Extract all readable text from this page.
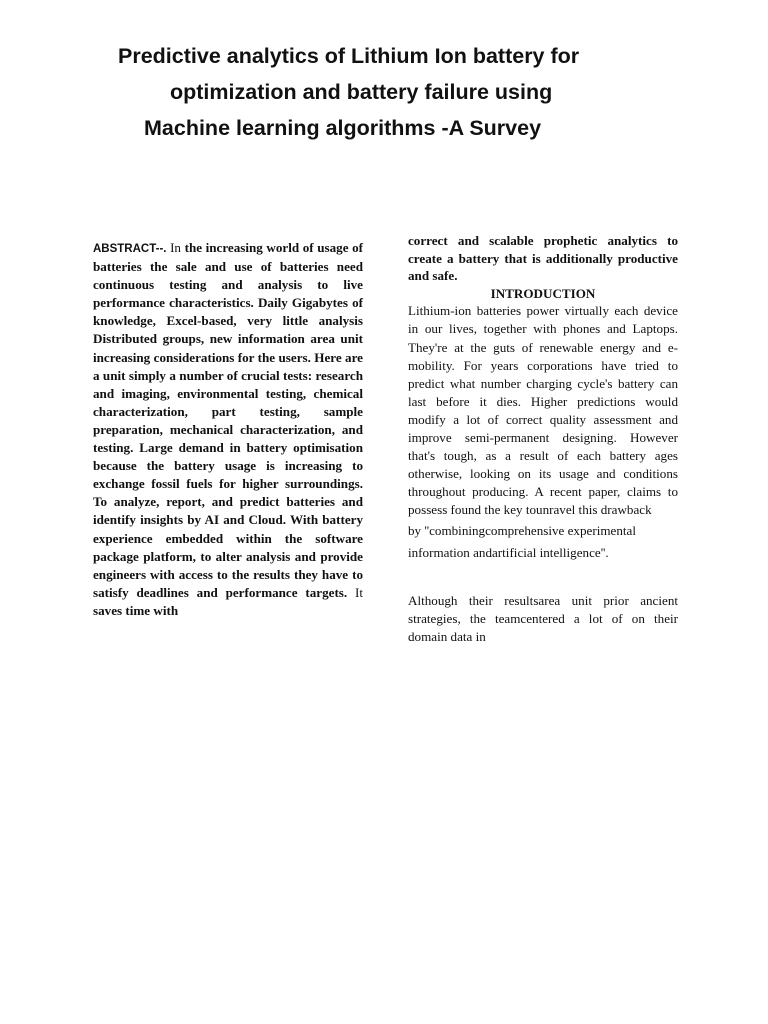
Predictive analytics of Lithium Ion battery for
optimization and battery failure using
Machine learning algorithms -A Survey
ABSTRACT--. In the increasing world of usage of batteries the sale and use of batteries need continuous testing and analysis to live performance characteristics. Daily Gigabytes of knowledge, Excel-based, very little analysis Distributed groups, new information area unit increasing considerations for the users. Here are a unit simply a number of crucial tests: research and imaging, environmental testing, chemical characterization, part testing, sample preparation, mechanical characterization, and testing. Large demand in battery optimisation because the battery usage is increasing to exchange fossil fuels for higher surroundings. To analyze, report, and predict batteries and identify insights by AI and Cloud. With battery experience embedded within the software package platform, to alter analysis and provide engineers with access to the results they have to satisfy deadlines and performance targets. It saves time with

correct and scalable prophetic analytics to create a battery that is additionally productive and safe.

INTRODUCTION

Lithium-ion batteries power virtually each device in our lives, together with phones and Laptops. They're at the guts of renewable energy and e-mobility. For years corporations have tried to predict what number charging cycle's battery can last before it dies. Higher predictions would modify a lot of correct quality assessment and improve semi-permanent designing. However that's tough, as a result of each battery ages otherwise, looking on its usage and conditions throughout producing. A recent paper, claims to possess found the key tounravel this drawback

by ''combiningcomprehensive experimental information andartificial intelligence''.

Although their resultsarea unit prior ancient strategies, the teamcentered a lot of on their domain data in
